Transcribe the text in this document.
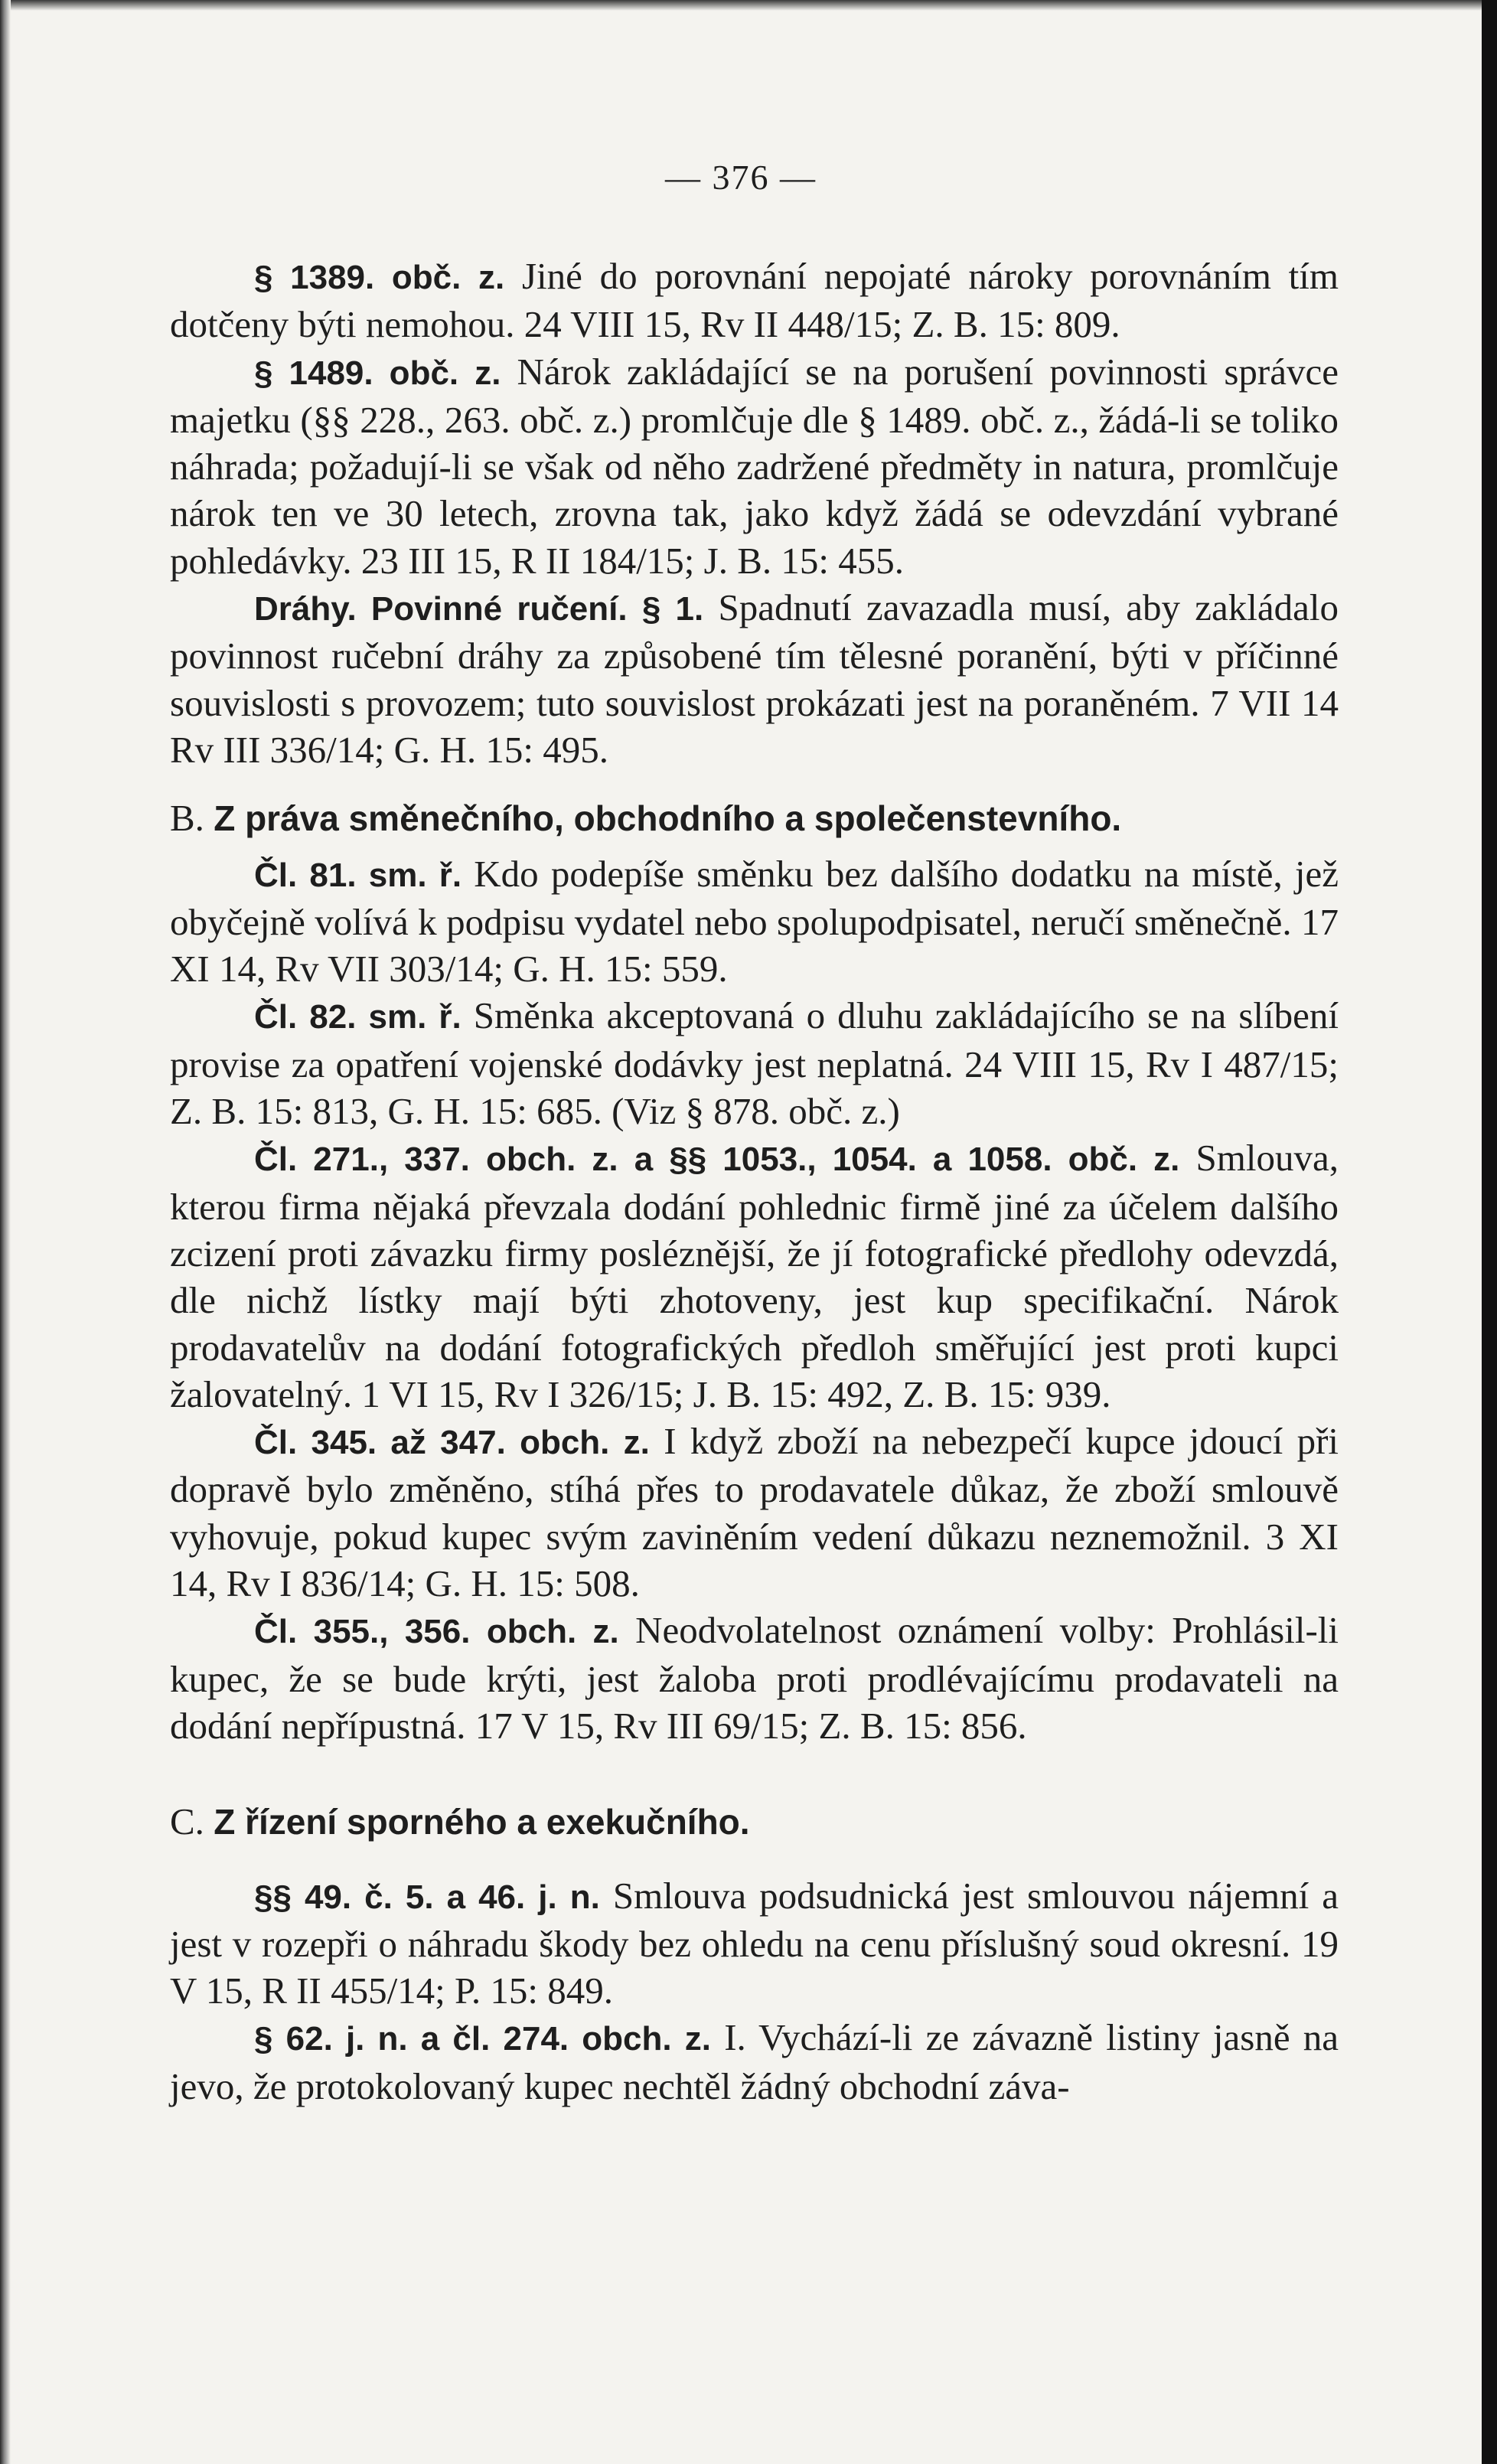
— 376 —

§ 1389. obč. z. Jiné do porovnání nepojaté nároky porovnáním tím dotčeny býti nemohou. 24 VIII 15, Rv II 448/15; Z. B. 15: 809.

§ 1489. obč. z. Nárok zakládající se na porušení povinnosti správce majetku (§§ 228., 263. obč. z.) promlčuje dle § 1489. obč. z., žádá-li se toliko náhrada; požadují-li se však od něho zadržené předměty in natura, promlčuje nárok ten ve 30 letech, zrovna tak, jako když žádá se odevzdání vybrané pohledávky. 23 III 15, R II 184/15; J. B. 15: 455.

Dráhy. Povinné ručení. § 1. Spadnutí zavazadla musí, aby zakládalo povinnost ručební dráhy za způsobené tím tělesné poranění, býti v příčinné souvislosti s provozem; tuto souvislost prokázati jest na poraněném. 7 VII 14 Rv III 336/14; G. H. 15: 495.

B. Z práva směnečního, obchodního a společenstevního.

Čl. 81. sm. ř. Kdo podepíše směnku bez dalšího dodatku na místě, jež obyčejně volívá k podpisu vydatel nebo spolupodpisatel, neručí směnečně. 17 XI 14, Rv VII 303/14; G. H. 15: 559.

Čl. 82. sm. ř. Směnka akceptovaná o dluhu zakládajícího se na slíbení provise za opatření vojenské dodávky jest neplatná. 24 VIII 15, Rv I 487/15; Z. B. 15: 813, G. H. 15: 685. (Viz § 878. obč. z.)

Čl. 271., 337. obch. z. a §§ 1053., 1054. a 1058. obč. z. Smlouva, kterou firma nějaká převzala dodání pohlednic firmě jiné za účelem dalšího zcizení proti závazku firmy posléznější, že jí fotografické předlohy odevzdá, dle nichž lístky mají býti zhotoveny, jest kup specifikační. Nárok prodavatelův na dodání fotografických předloh směřující jest proti kupci žalovatelný. 1 VI 15, Rv I 326/15; J. B. 15: 492, Z. B. 15: 939.

Čl. 345. až 347. obch. z. I když zboží na nebezpečí kupce jdoucí při dopravě bylo změněno, stíhá přes to prodavatele důkaz, že zboží smlouvě vyhovuje, pokud kupec svým zaviněním vedení důkazu neznemožnil. 3 XI 14, Rv I 836/14; G. H. 15: 508.

Čl. 355., 356. obch. z. Neodvolatelnost oznámení volby: Prohlásil-li kupec, že se bude krýti, jest žaloba proti prodlévajícímu prodavateli na dodání nepřípustná. 17 V 15, Rv III 69/15; Z. B. 15: 856.

C. Z řízení sporného a exekučního.

§§ 49. č. 5. a 46. j. n. Smlouva podsudnická jest smlouvou nájemní a jest v rozepři o náhradu škody bez ohledu na cenu příslušný soud okresní. 19 V 15, R II 455/14; P. 15: 849.

§ 62. j. n. a čl. 274. obch. z. I. Vychází-li ze závazně listiny jasně na jevo, že protokolovaný kupec nechtěl žádný obchodní záva-
